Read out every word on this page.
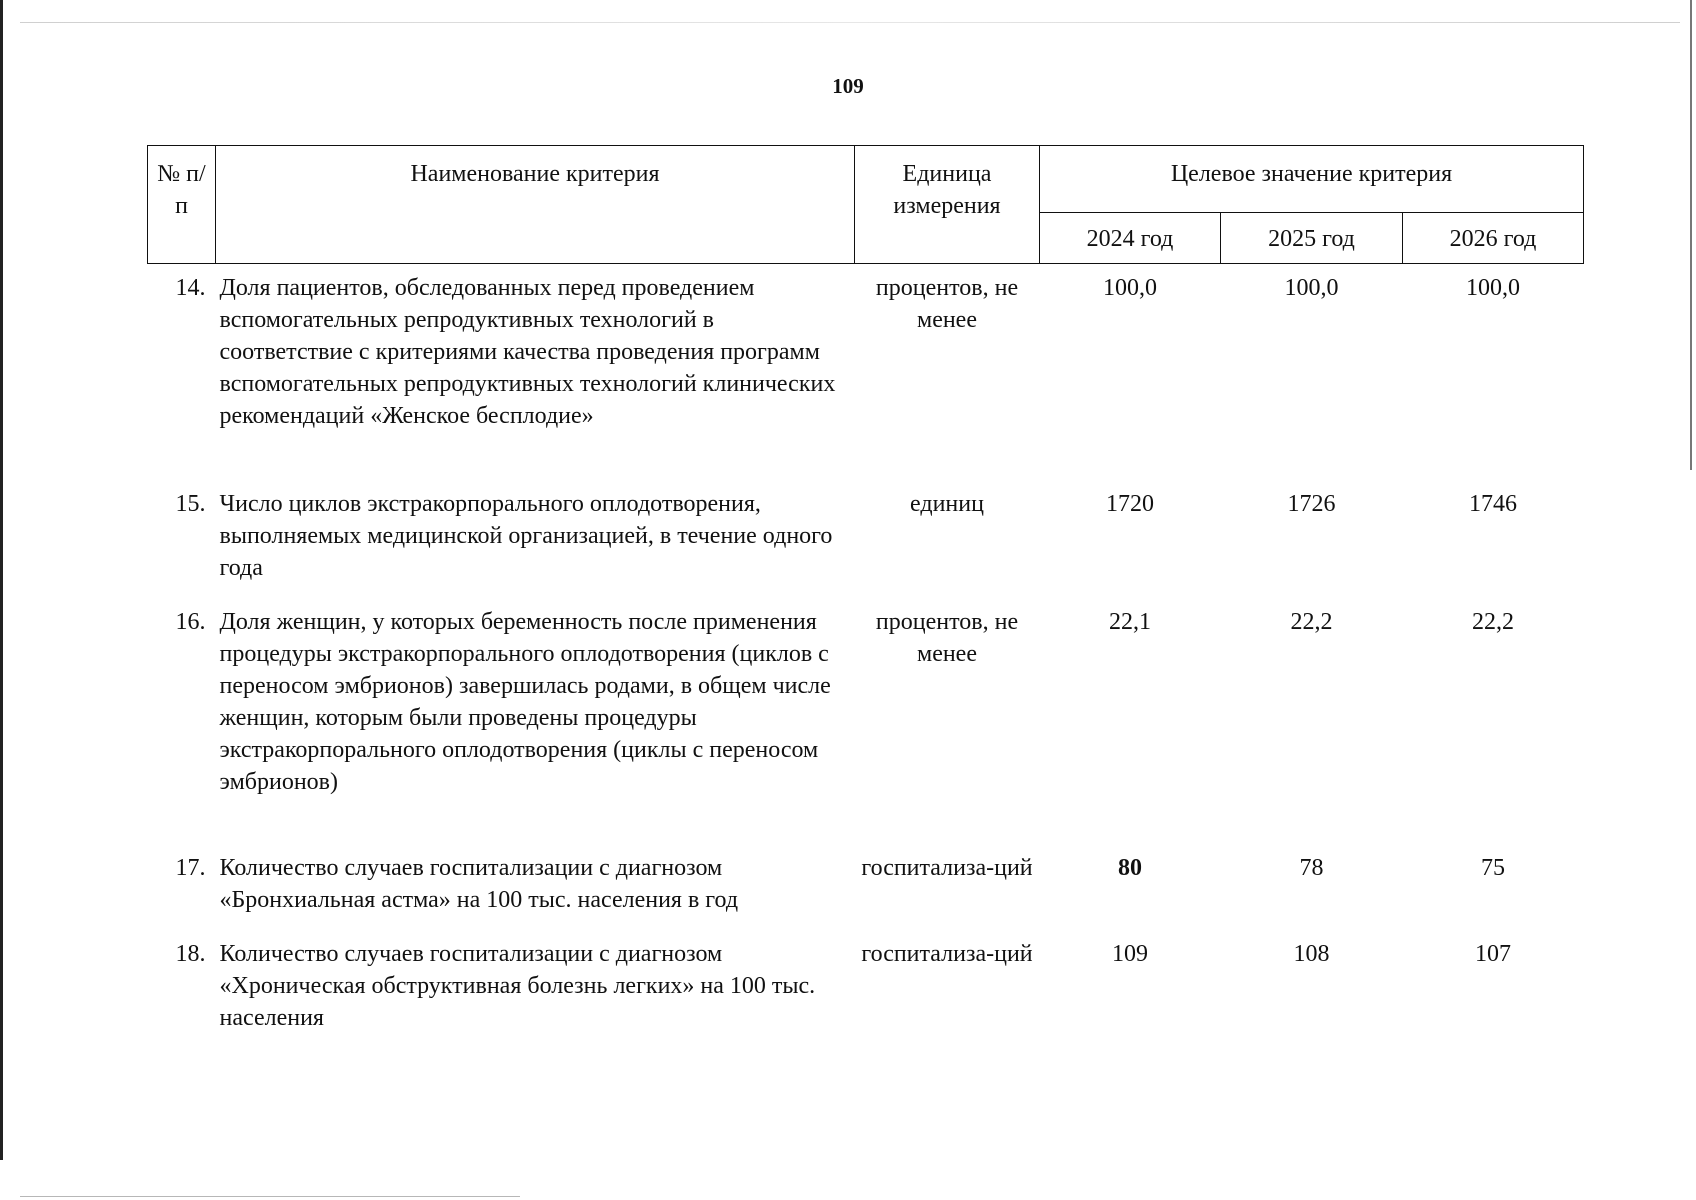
109
№ п/п	Наименование критерия	Единица измерения	Целевое значение критерия		
			2024 год	2025 год	2026 год
14.	Доля пациентов, обследованных перед проведением вспомогательных репродуктивных технологий в соответствие с критериями качества проведения программ вспомогательных репродуктивных технологий клинических рекомендаций «Женское бесплодие»	процентов, не менее	100,0	100,0	100,0
15.	Число циклов экстракорпорального оплодотворения, выполняемых медицинской организацией, в течение одного года	единиц	1720	1726	1746
16.	Доля женщин, у которых беременность после применения процедуры экстракорпорального оплодотворения (циклов с переносом эмбрионов) завершилась родами, в общем числе женщин, которым были проведены процедуры экстракорпорального оплодотворения (циклы с переносом эмбрионов)	процентов, не менее	22,1	22,2	22,2
17.	Количество случаев госпитализации с диагнозом «Бронхиальная астма» на 100 тыс. населения в год	госпитализа-ций	80	78	75
18.	Количество случаев госпитализации с диагнозом «Хроническая обструктивная болезнь легких» на 100 тыс. населения	госпитализа-ций	109	108	107
